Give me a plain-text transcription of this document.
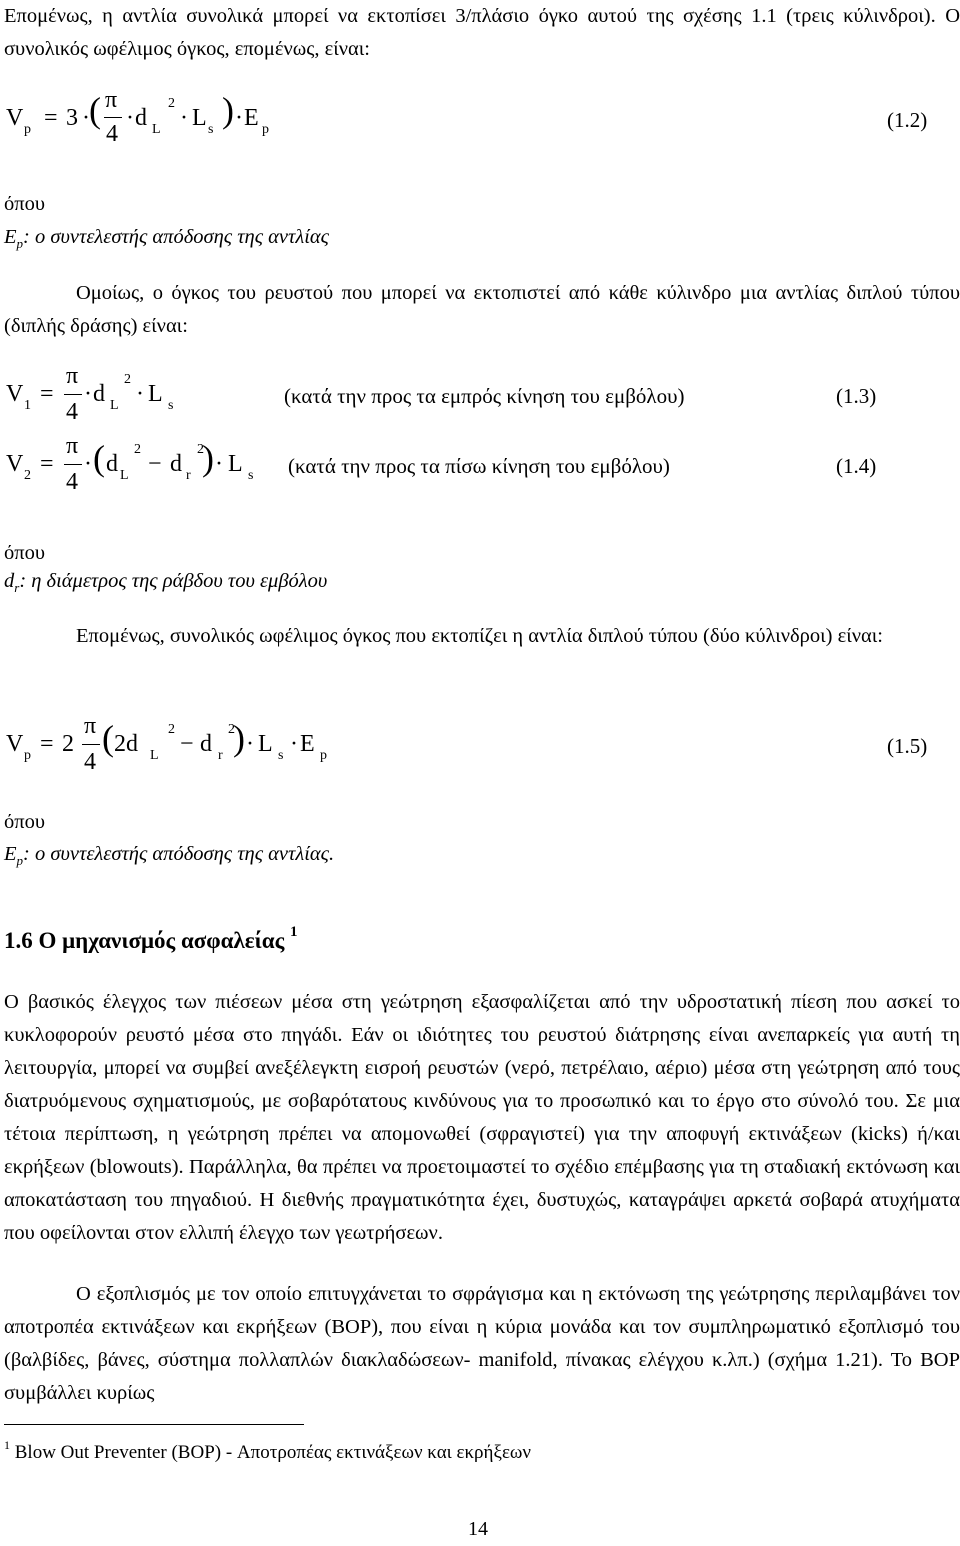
Επομένως, η αντλία συνολικά μπορεί να εκτοπίσει 3/πλάσιο όγκο αυτού της σχέσης 1.1 (τρεις κύλινδροι). Ο συνολικός ωφέλιμος όγκος, επομένως, είναι:
V p = 3 · ( π
4
· d
2
L · L s ) · E p	(1.2)
όπου
$E_p$: ο συντελεστής απόδοσης της αντλίας
Ομοίως, ο όγκος του ρευστού που μπορεί να εκτοπιστεί από κάθε κύλινδρο μια αντλίας διπλού τύπου (διπλής δράσης) είναι:
V 1 =
π
4
· d
2
L · L s	(κατά την προς τα εμπρός κίνηση του εμβόλου)	(1.3)
V 2 =
π
4
· ( d
2
L − d
2
r ) · L s (κατά την προς τα πίσω κίνηση του εμβόλου)	(1.4)
όπου
$d_r$: η διάμετρος της ράβδου του εμβόλου
Επομένως, συνολικός ωφέλιμος όγκος που εκτοπίζει η αντλία διπλού τύπου (δύο κύλινδροι) είναι:
V p = 2
π
4
( 2d
2
L − d
2
r ) · L s · E p	(1.5)
όπου
$E_p$: ο συντελεστής απόδοσης της αντλίας.
1.6 Ο μηχανισμός ασφαλείας $^1$
Ο βασικός έλεγχος των πιέσεων μέσα στη γεώτρηση εξασφαλίζεται από την υδροστατική πίεση που ασκεί το κυκλοφορούν ρευστό μέσα στο πηγάδι. Εάν οι ιδιότητες του ρευστού διάτρησης είναι ανεπαρκείς για αυτή τη λειτουργία, μπορεί να συμβεί ανεξέλεγκτη εισροή ρευστών (νερό, πετρέλαιο, αέριο) μέσα στη γεώτρηση από τους διατρυόμενους σχηματισμούς, με σοβαρότατους κινδύνους για το προσωπικό και το έργο στο σύνολό του. Σε μια τέτοια περίπτωση, η γεώτρηση πρέπει να απομονωθεί (σφραγιστεί) για την αποφυγή εκτινάξεων (kicks) ή/και εκρήξεων (blowouts). Παράλληλα, θα πρέπει να προετοιμαστεί το σχέδιο επέμβασης για τη σταδιακή εκτόνωση και αποκατάσταση του πηγαδιού. Η διεθνής πραγματικότητα έχει, δυστυχώς, καταγράψει αρκετά σοβαρά ατυχήματα που οφείλονται στον ελλιπή έλεγχο των γεωτρήσεων.
Ο εξοπλισμός με τον οποίο επιτυγχάνεται το σφράγισμα και η εκτόνωση της γεώτρησης περιλαμβάνει τον αποτροπέα εκτινάξεων και εκρήξεων (BOP), που είναι η κύρια μονάδα και τον συμπληρωματικό εξοπλισμό του (βαλβίδες, βάνες, σύστημα πολλαπλών διακλαδώσεων- manifold, πίνακας ελέγχου κ.λπ.) (σχήμα 1.21). Το BOP συμβάλλει κυρίως
$^1$ Blow Out Preventer (BOP) - Αποτροπέας εκτινάξεων και εκρήξεων
14
